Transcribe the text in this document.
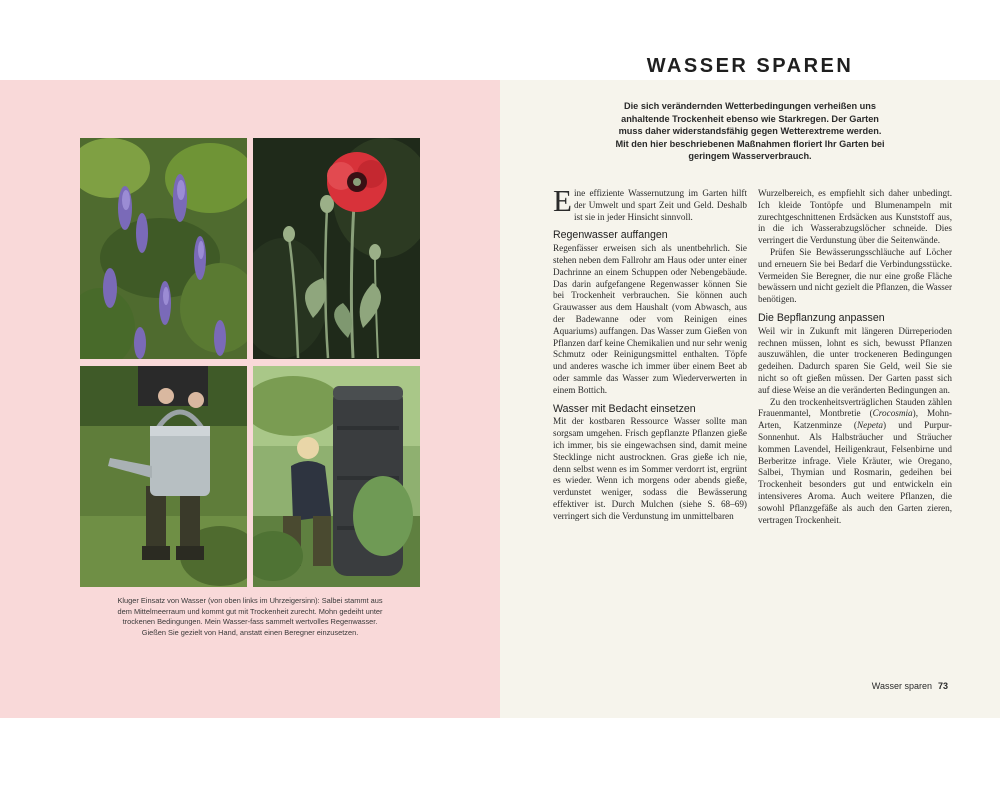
Kluger Einsatz von Wasser (von oben links im Uhrzeigersinn): Salbei stammt aus dem Mittelmeerraum und kommt gut mit Trockenheit zurecht. Mohn gedeiht unter trockenen Bedingungen. Mein Wasser-fass sammelt wertvolles Regenwasser. Gießen Sie gezielt von Hand, anstatt einen Beregner einzusetzen.

WASSER SPAREN

Die sich verändernden Wetterbedingungen verheißen uns anhaltende Trockenheit ebenso wie Starkregen. Der Garten muss daher widerstandsfähig gegen Wetterextreme werden. Mit den hier beschriebenen Maßnahmen floriert Ihr Garten bei geringem Wasserverbrauch.

Eine effiziente Wassernutzung im Garten hilft der Umwelt und spart Zeit und Geld. Deshalb ist sie in jeder Hinsicht sinnvoll.

Regenwasser auffangen

Regenfässer erweisen sich als unentbehrlich. Sie stehen neben dem Fallrohr am Haus oder unter einer Dachrinne an einem Schuppen oder Nebengebäude. Das darin aufgefangene Regenwasser können Sie bei Trockenheit verbrauchen. Sie können auch Grauwasser aus dem Haushalt (vom Abwasch, aus der Badewanne oder vom Reinigen eines Aquariums) auffangen. Das Wasser zum Gießen von Pflanzen darf keine Chemikalien und nur sehr wenig Schmutz oder Reinigungsmittel enthalten. Töpfe und anderes wasche ich immer über einem Beet ab oder sammle das Wasser zum Wiederverwerten in einem Bottich.

Wasser mit Bedacht einsetzen

Mit der kostbaren Ressource Wasser sollte man sorgsam umgehen. Frisch gepflanzte Pflanzen gieße ich immer, bis sie eingewachsen sind, damit meine Stecklinge nicht austrocknen. Gras gieße ich nie, denn selbst wenn es im Sommer verdorrt ist, ergrünt es wieder. Wenn ich morgens oder abends gieße, verdunstet weniger, sodass die Bewässerung effektiver ist. Durch Mulchen (siehe S. 68–69) verringert sich die Verdunstung im unmittelbaren

Wurzelbereich, es empfiehlt sich daher unbedingt. Ich kleide Tontöpfe und Blumenampeln mit zurechtgeschnittenen Erdsäcken aus Kunststoff aus, in die ich Wasserabzugslöcher schneide. Dies verringert die Verdunstung über die Seitenwände.

Prüfen Sie Bewässerungsschläuche auf Löcher und erneuern Sie bei Bedarf die Verbindungsstücke. Vermeiden Sie Beregner, die nur eine große Fläche bewässern und nicht gezielt die Pflanzen, die Wasser benötigen.

Die Bepflanzung anpassen

Weil wir in Zukunft mit längeren Dürreperioden rechnen müssen, lohnt es sich, bewusst Pflanzen auszuwählen, die unter trockeneren Bedingungen gedeihen. Dadurch sparen Sie Geld, weil Sie sie nicht so oft gießen müssen. Der Garten passt sich auf diese Weise an die veränderten Bedingungen an.

Zu den trockenheitsverträglichen Stauden zählen Frauenmantel, Montbretie (Crocosmia), Mohn-Arten, Katzenminze (Nepeta) und Purpur-Sonnenhut. Als Halbsträucher und Sträucher kommen Lavendel, Heiligenkraut, Felsenbirne und Berberitze infrage. Viele Kräuter, wie Oregano, Salbei, Thymian und Rosmarin, gedeihen bei Trockenheit besonders gut und entwickeln ein intensiveres Aroma. Auch weitere Pflanzen, die sowohl Pflanzgefäße als auch den Garten zieren, vertragen Trockenheit.

Wasser sparen 73
